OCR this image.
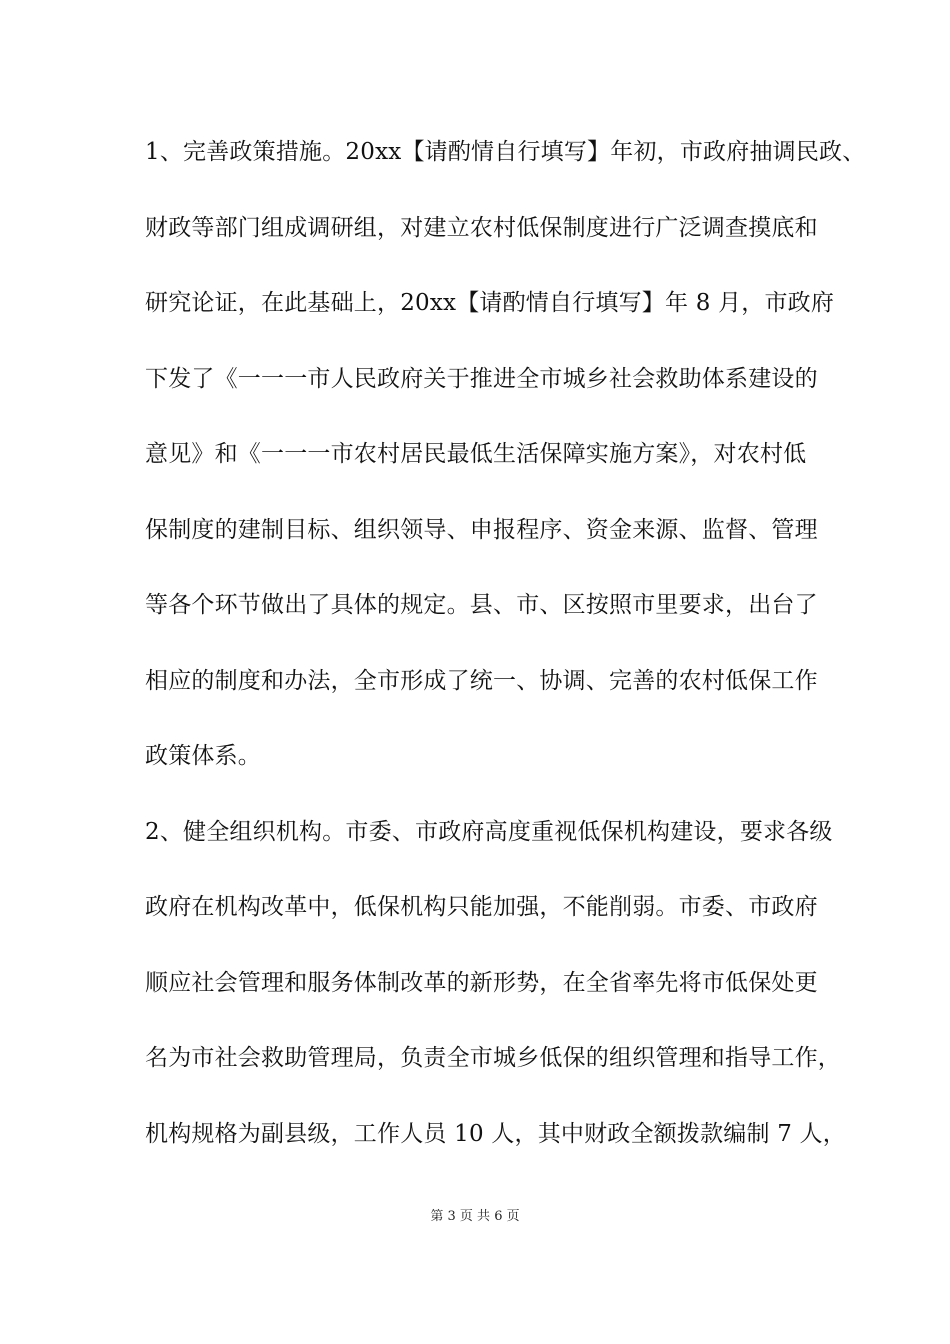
1、完善政策措施。20xx【请酌情自行填写】年初，市政府抽调民政、
财政等部门组成调研组，对建立农村低保制度进行广泛调查摸底和
研究论证，在此基础上，20xx【请酌情自行填写】年 8 月，市政府
下发了《一一一市人民政府关于推进全市城乡社会救助体系建设的
意见》和《一一一市农村居民最低生活保障实施方案》，对农村低
保制度的建制目标、组织领导、申报程序、资金来源、监督、管理
等各个环节做出了具体的规定。县、市、区按照市里要求，出台了
相应的制度和办法，全市形成了统一、协调、完善的农村低保工作
政策体系。
2、健全组织机构。市委、市政府高度重视低保机构建设，要求各级
政府在机构改革中，低保机构只能加强，不能削弱。市委、市政府
顺应社会管理和服务体制改革的新形势，在全省率先将市低保处更
名为市社会救助管理局，负责全市城乡低保的组织管理和指导工作，
机构规格为副县级，工作人员 10 人，其中财政全额拨款编制 7 人，
第 3 页 共 6 页
